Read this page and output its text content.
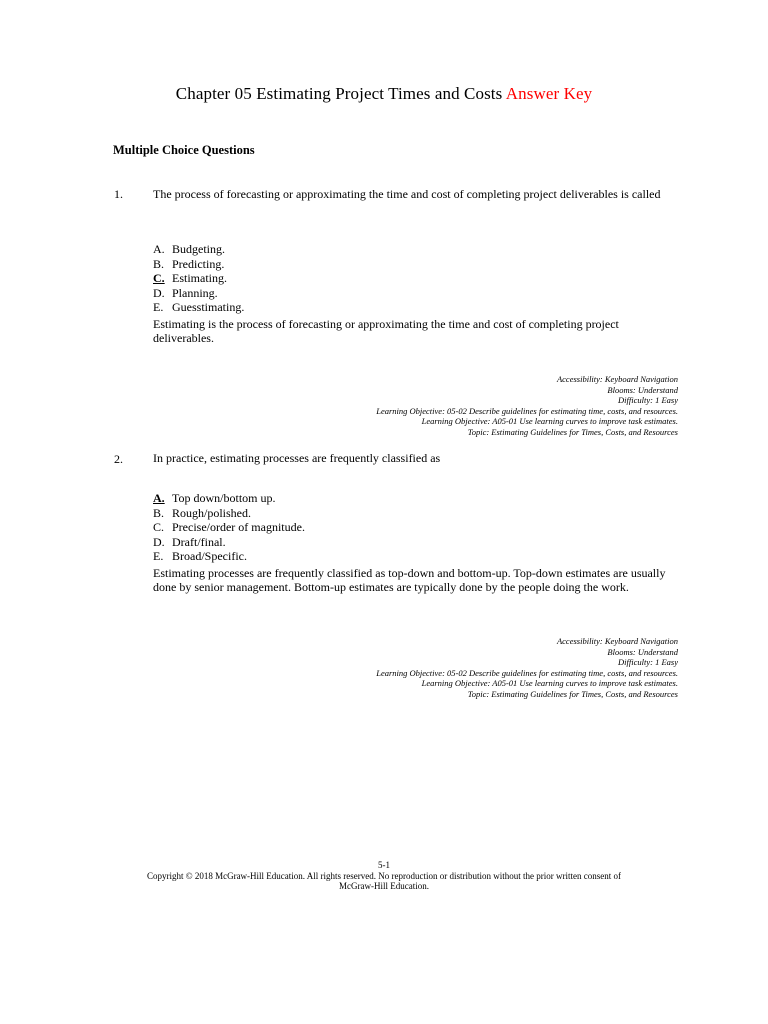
Chapter 05 Estimating Project Times and Costs Answer Key
Multiple Choice Questions
1.	The process of forecasting or approximating the time and cost of completing project deliverables is called
A. Budgeting.
B. Predicting.
C. Estimating.
D. Planning.
E. Guesstimating.
Estimating is the process of forecasting or approximating the time and cost of completing project deliverables.
Accessibility: Keyboard Navigation
Blooms: Understand
Difficulty: 1 Easy
Learning Objective: 05-02 Describe guidelines for estimating time, costs, and resources.
Learning Objective: A05-01 Use learning curves to improve task estimates.
Topic: Estimating Guidelines for Times, Costs, and Resources
2.	In practice, estimating processes are frequently classified as
A. Top down/bottom up.
B. Rough/polished.
C. Precise/order of magnitude.
D. Draft/final.
E. Broad/Specific.
Estimating processes are frequently classified as top-down and bottom-up. Top-down estimates are usually done by senior management. Bottom-up estimates are typically done by the people doing the work.
Accessibility: Keyboard Navigation
Blooms: Understand
Difficulty: 1 Easy
Learning Objective: 05-02 Describe guidelines for estimating time, costs, and resources.
Learning Objective: A05-01 Use learning curves to improve task estimates.
Topic: Estimating Guidelines for Times, Costs, and Resources
5-1
Copyright © 2018 McGraw-Hill Education. All rights reserved. No reproduction or distribution without the prior written consent of
McGraw-Hill Education.
